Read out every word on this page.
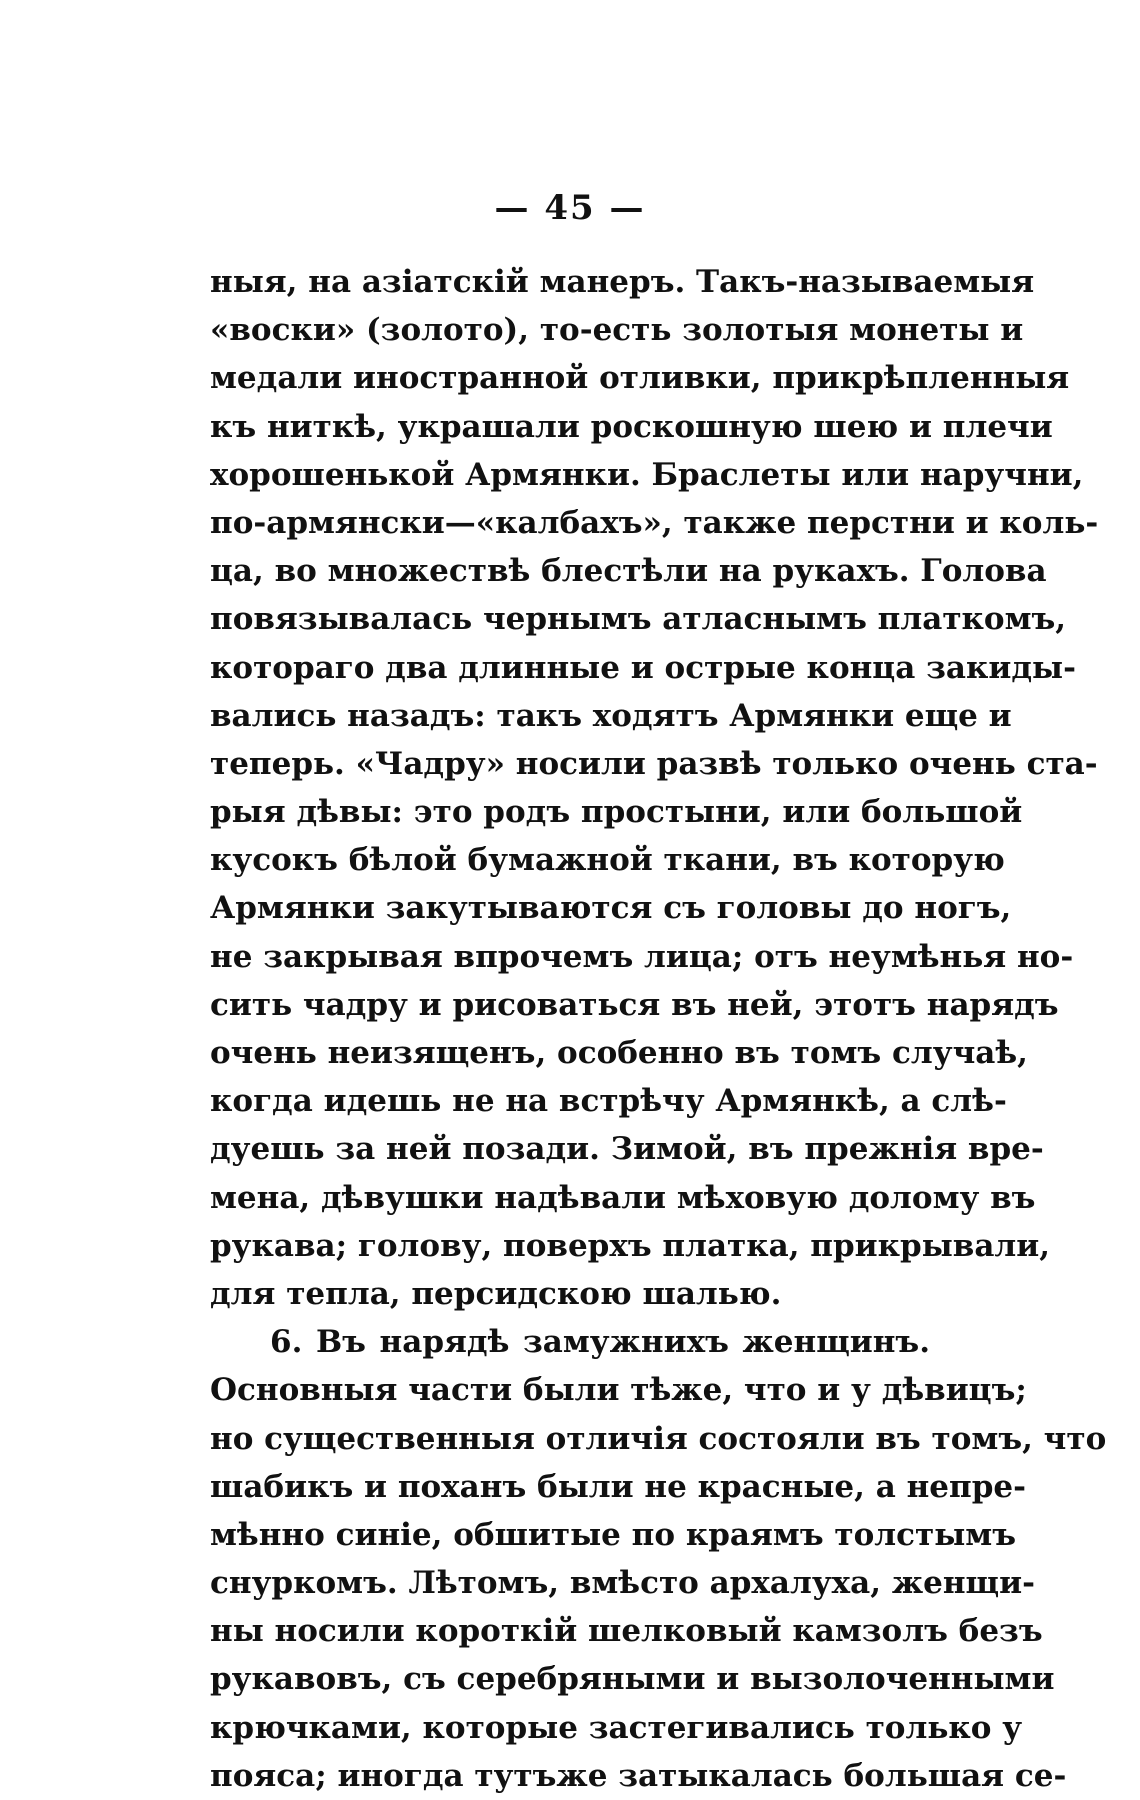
— 45 —
ныя, на азіатскій манеръ. Такъ-называемыя
«воски» (золото), то-есть золотыя монеты и
медали иностранной отливки, прикрѣпленныя
къ ниткѣ, украшали роскошную шею и плечи
хорошенькой Армянки. Браслеты или наручни,
по-армянски—«калбахъ», также перстни и коль-
ца, во множествѣ блестѣли на рукахъ. Голова
повязывалась чернымъ атласнымъ платкомъ,
котораго два длинные и острые конца закиды-
вались назадъ: такъ ходятъ Армянки еще и
теперь. «Чадру» носили развѣ только очень ста-
рыя дѣвы: это родъ простыни, или большой
кусокъ бѣлой бумажной ткани, въ которую
Армянки закутываются съ головы до ногъ,
не закрывая впрочемъ лица; отъ неумѣнья но-
сить чадру и рисоваться въ ней, этотъ нарядъ
очень неизященъ, особенно въ томъ случаѣ,
когда идешь не на встрѣчу Армянкѣ, а слѣ-
дуешь за ней позади. Зимой, въ прежнія вре-
мена, дѣвушки надѣвали мѣховую долому въ
рукава; голову, поверхъ платка, прикрывали,
для тепла, персидскою шалью.
6. Въ нарядѣ замужнихъ женщинъ.
Основныя части были тѣже, что и у дѣвицъ;
но существенныя отличія состояли въ томъ, что
шабикъ и поханъ были не красные, а непре-
мѣнно синіе, обшитые по краямъ толстымъ
снуркомъ. Лѣтомъ, вмѣсто архалуха, женщи-
ны носили короткій шелковый камзолъ безъ
рукавовъ, съ серебряными и вызолоченными
крючками, которые застегивались только у
пояса; иногда тутъже затыкалась большая се-
